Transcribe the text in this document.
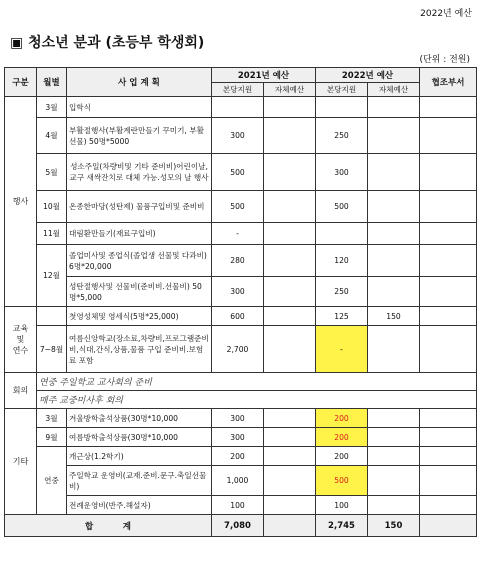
2022년 예산
▣ 청소년 분과 (초등부 학생회)
(단위 : 전원)
구분	월별	사 업 계 획	2021년 예산		2022년 예산		협조부서
			본당지원	자체예산	본당지원	자체예산	
행사	3월	입학식					
	4월	부활절행사(부활계란만들기 꾸미기, 부활선물) 50명*5000	300		250		
	5월	성소주일(차량비및 기타 준비비)어린이날,교구 새싹잔치로 대체 가능.성모의 날 행사	500		300		
	10월	온종한마당(성탄제) 물품구입비및 준비비	500		500		
	11월	대림환만들기(재료구입비)	-				
	12월	졸업미사및 종업식(졸업생 선물및 다과비) 6명*20,000	280		120		
		성탄절행사및 선물비(준비비.선물비) 50명*5,000	300		250		
교육
및
연수		첫영성체및 영세식(5명*25,000)	600		125	150	
	7~8월	여름신앙학교(장소료,차량비,프로그램준비비,식대,간식,상품,물품 구입 준비비.보험료 포함	2,700		-		
회의	연중 주일학교 교사회의 준비						
	매주 교중미사후 회의						
기타	3월	겨울방학출석상품(30명*10,000	300		200		
	9월	여름방학출석상품(30명*10,000	300		200		
	연중	개근상(1.2학기)	200		200		
		주일학교 운영비(교재.준비.문구.축일선물비)	1,000		500		
		전례운영비(반주.해설자)	100		100		
합          계			7,080		2,745	150	
